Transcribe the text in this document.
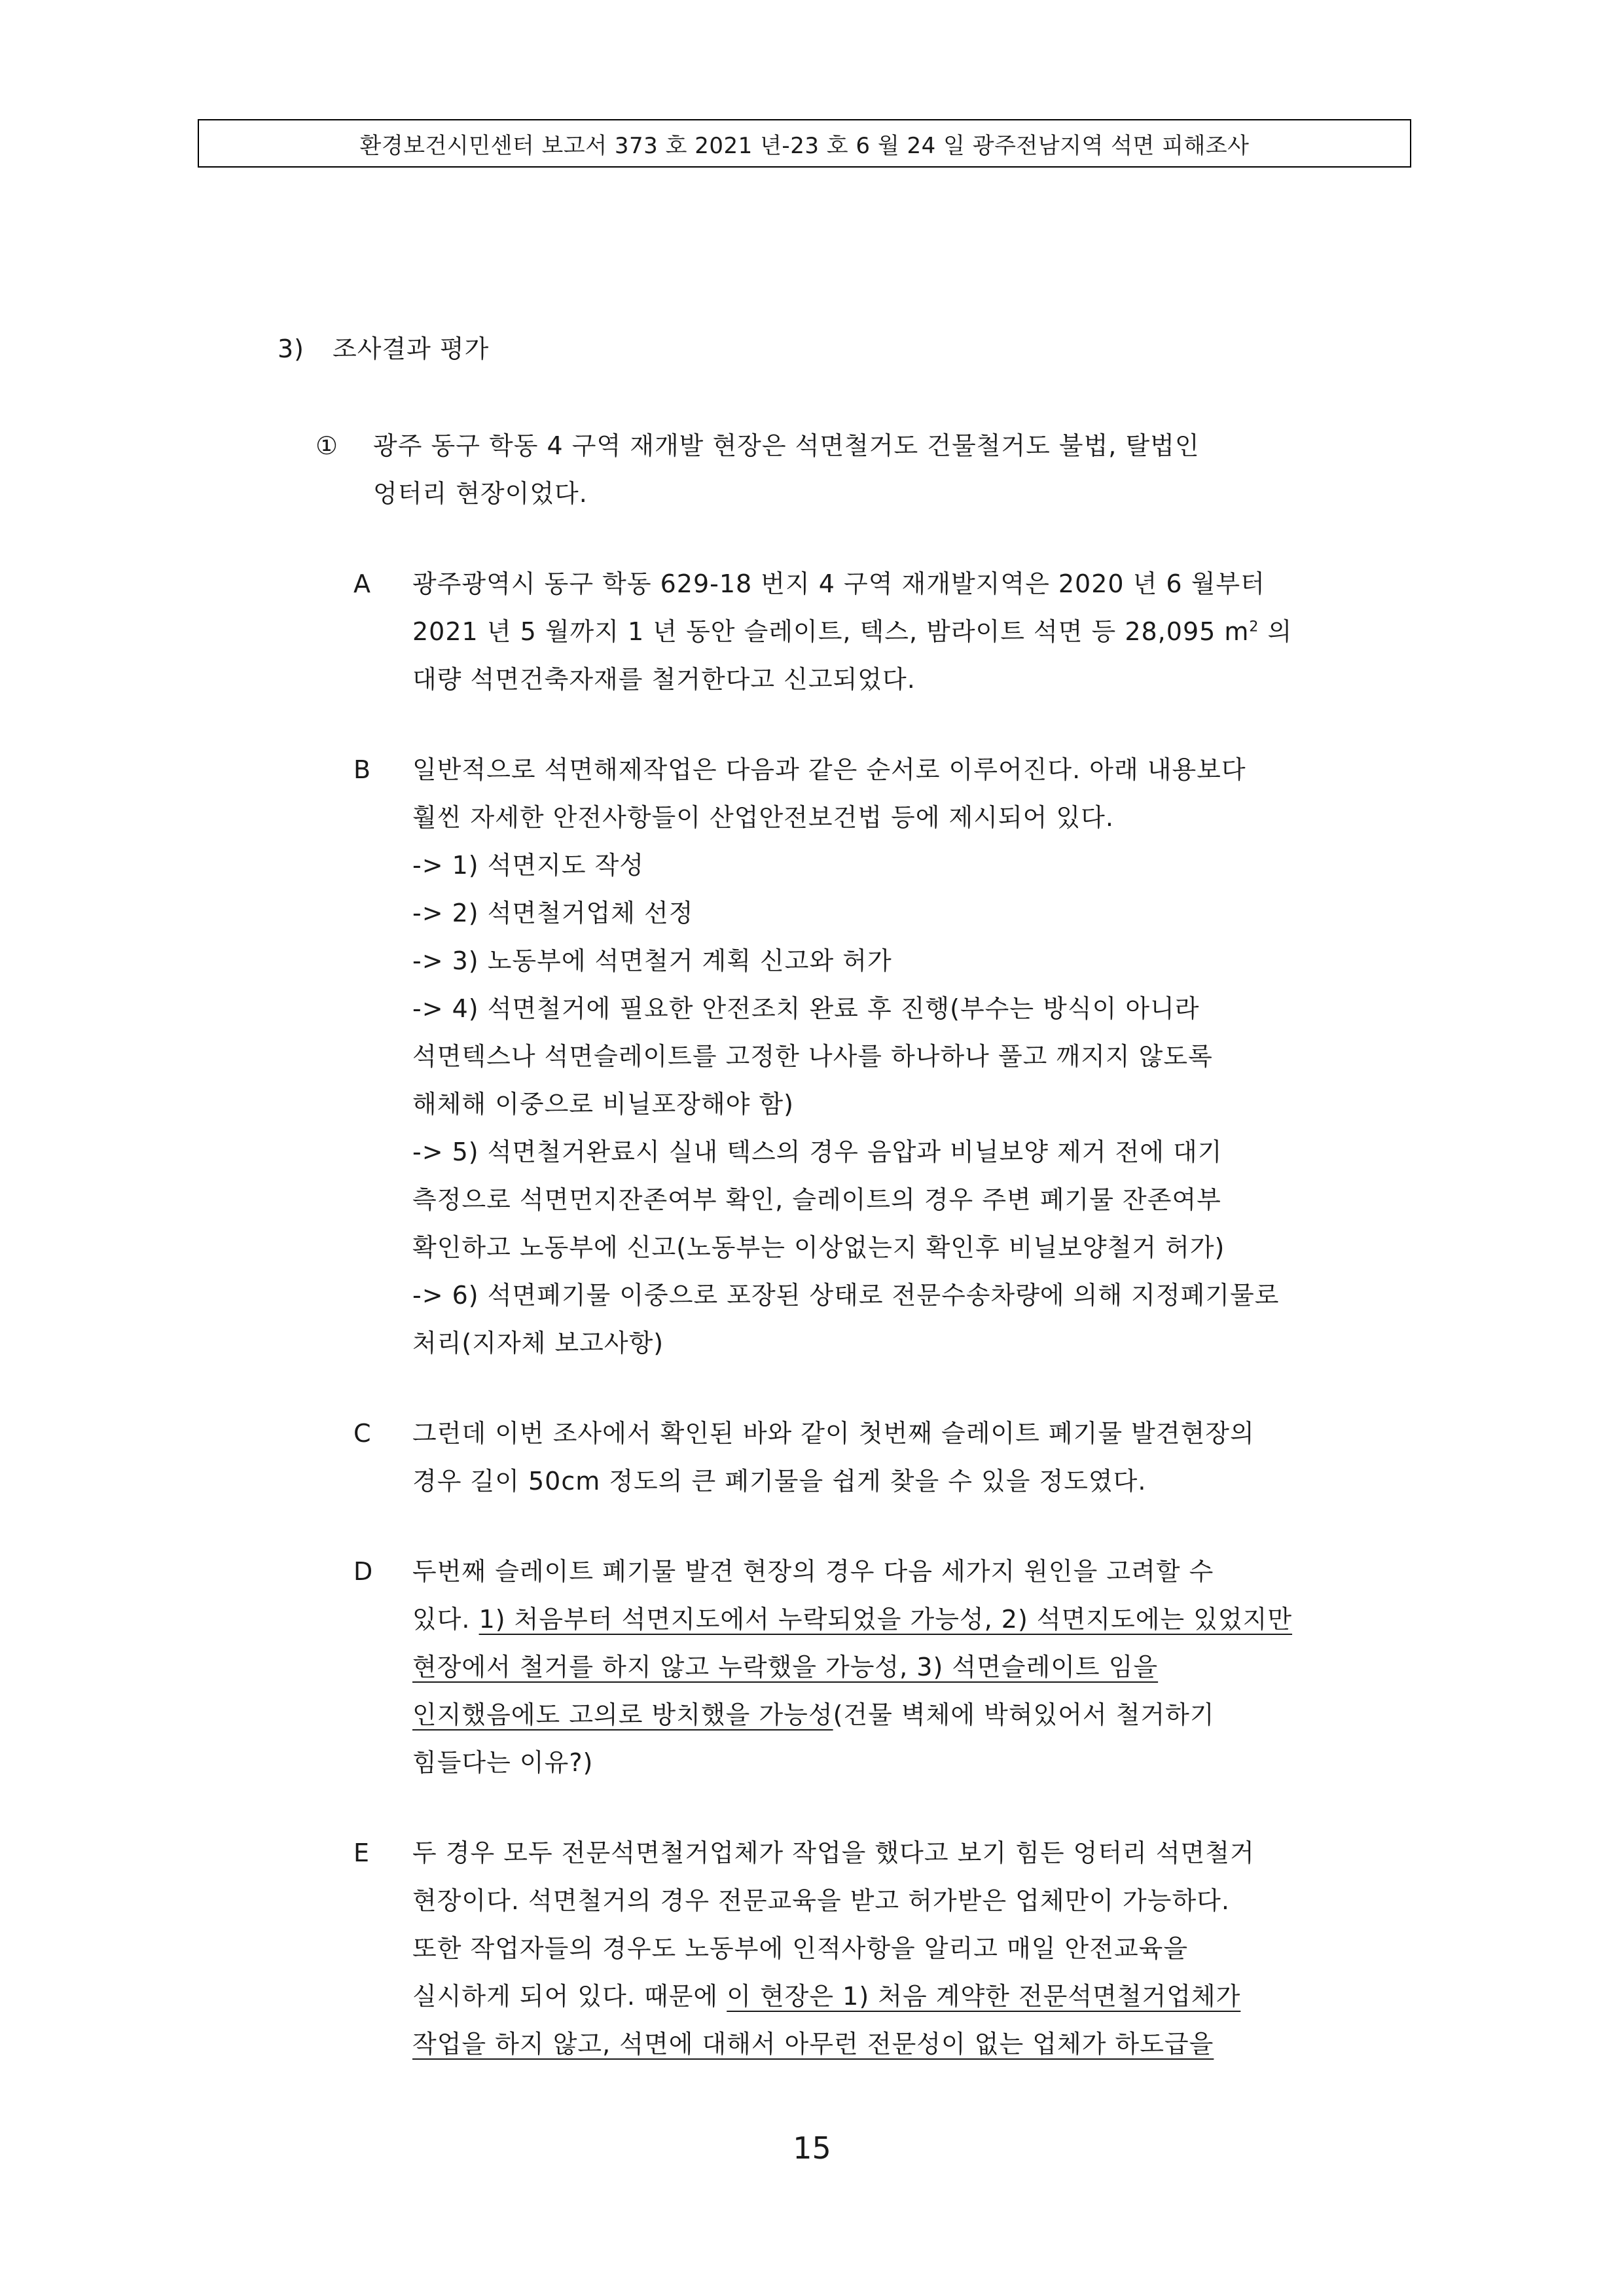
환경보건시민센터 보고서 373 호 2021 년-23 호 6 월 24 일 광주전남지역 석면 피해조사
3) 조사결과 평가
① 광주 동구 학동 4 구역 재개발 현장은 석면철거도 건물철거도 불법, 탈법인
엉터리 현장이었다.
A 광주광역시 동구 학동 629-18 번지 4 구역 재개발지역은 2020 년 6 월부터
2021 년 5 월까지 1 년 동안 슬레이트, 텍스, 밤라이트 석면 등 28,095 $m^2$ 의
대량 석면건축자재를 철거한다고 신고되었다.
B 일반적으로 석면해제작업은 다음과 같은 순서로 이루어진다. 아래 내용보다
훨씬 자세한 안전사항들이 산업안전보건법 등에 제시되어 있다.
-> 1) 석면지도 작성
-> 2) 석면철거업체 선정
-> 3) 노동부에 석면철거 계획 신고와 허가
-> 4) 석면철거에 필요한 안전조치 완료 후 진행(부수는 방식이 아니라
석면텍스나 석면슬레이트를 고정한 나사를 하나하나 풀고 깨지지 않도록
해체해 이중으로 비닐포장해야 함)
-> 5) 석면철거완료시 실내 텍스의 경우 음압과 비닐보양 제거 전에 대기
측정으로 석면먼지잔존여부 확인, 슬레이트의 경우 주변 폐기물 잔존여부
확인하고 노동부에 신고(노동부는 이상없는지 확인후 비닐보양철거 허가)
-> 6) 석면폐기물 이중으로 포장된 상태로 전문수송차량에 의해 지정폐기물로
처리(지자체 보고사항)
C 그런데 이번 조사에서 확인된 바와 같이 첫번째 슬레이트 폐기물 발견현장의
경우 길이 50cm 정도의 큰 폐기물을 쉽게 찾을 수 있을 정도였다.
D 두번째 슬레이트 폐기물 발견 현장의 경우 다음 세가지 원인을 고려할 수
있다. 1) 처음부터 석면지도에서 누락되었을 가능성, 2) 석면지도에는 있었지만
현장에서 철거를 하지 않고 누락했을 가능성, 3) 석면슬레이트 임을
인지했음에도 고의로 방치했을 가능성(건물 벽체에 박혀있어서 철거하기
힘들다는 이유?)
E 두 경우 모두 전문석면철거업체가 작업을 했다고 보기 힘든 엉터리 석면철거
현장이다. 석면철거의 경우 전문교육을 받고 허가받은 업체만이 가능하다.
또한 작업자들의 경우도 노동부에 인적사항을 알리고 매일 안전교육을
실시하게 되어 있다. 때문에 이 현장은 1) 처음 계약한 전문석면철거업체가
작업을 하지 않고, 석면에 대해서 아무런 전문성이 없는 업체가 하도급을
15
